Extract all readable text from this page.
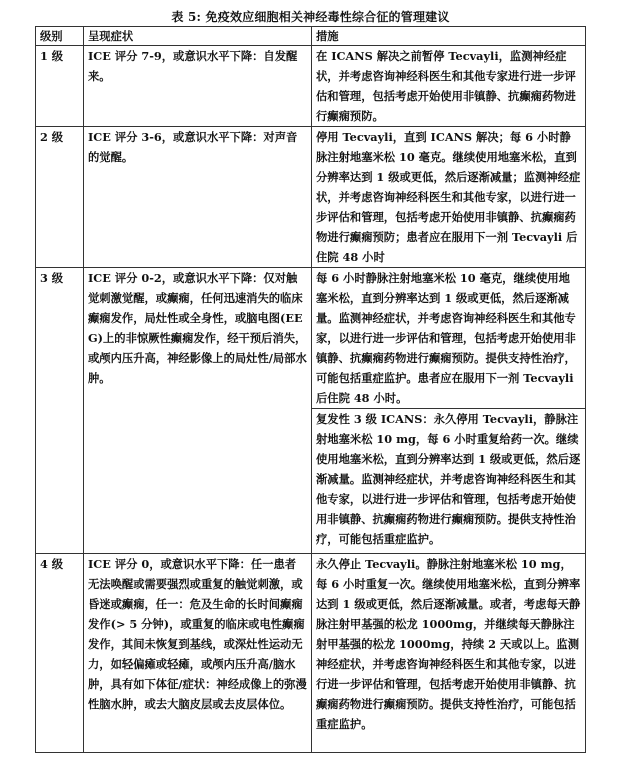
表 5: 免疫效应细胞相关神经毒性综合征的管理建议
级别	呈现症状	措施
1 级	ICE 评分 7-9，或意识水平下降：自发醒来。	在 ICANS 解决之前暂停 Tecvayli，监测神经症状，并考虑咨询神经科医生和其他专家进行进一步评估和管理，包括考虑开始使用非镇静、抗癫痫药物进行癫痫预防。

2 级	ICE 评分 3-6，或意识水平下降：对声音的觉醒。	停用 Tecvayli，直到 ICANS 解决；每 6 小时静脉注射地塞米松 10 毫克。继续使用地塞米松，直到分辨率达到 1 级或更低，然后逐渐减量；监测神经症状，并考虑咨询神经科医生和其他专家，以进行进一步评估和管理，包括考虑开始使用非镇静、抗癫痫药物进行癫痫预防；患者应在服用下一剂 Tecvayli 后住院 48 小时

3 级	ICE 评分 0-2，或意识水平下降：仅对触觉刺激觉醒，或癫痫，任何迅速消失的临床癫痫发作，局灶性或全身性，或脑电图(EEG)上的非惊厥性癫痫发作，经干预后消失，或颅内压升高，神经影像上的局灶性/局部水肿。	每 6 小时静脉注射地塞米松 10 毫克，继续使用地塞米松，直到分辨率达到 1 级或更低，然后逐渐减量。监测神经症状，并考虑咨询神经科医生和其他专家，以进行进一步评估和管理，包括考虑开始使用非镇静、抗癫痫药物进行癫痫预防。提供支持性治疗，可能包括重症监护。患者应在服用下一剂 Tecvayli 后住院 48 小时。
复发性 3 级 ICANS：永久停用 Tecvayli，静脉注射地塞米松 10 mg，每 6 小时重复给药一次。继续使用地塞米松，直到分辨率达到 1 级或更低，然后逐渐减量。监测神经症状，并考虑咨询神经科医生和其他专家，以进行进一步评估和管理，包括考虑开始使用非镇静、抗癫痫药物进行癫痫预防。提供支持性治疗，可能包括重症监护。

4 级	ICE 评分 0，或意识水平下降：任一患者无法唤醒或需要强烈或重复的触觉刺激，或昏迷或癫痫，任一：危及生命的长时间癫痫发作(> 5 分钟)，或重复的临床或电性癫痫发作，其间未恢复到基线，或深灶性运动无力，如轻偏瘫或轻瘫，或颅内压升高/脑水肿，具有如下体征/症状：神经成像上的弥漫性脑水肿，或去大脑皮层或去皮层体位。	永久停止 Tecvayli。静脉注射地塞米松 10 mg，每 6 小时重复一次。继续使用地塞米松，直到分辨率达到 1 级或更低，然后逐渐减量。或者，考虑每天静脉注射甲基强的松龙 1000mg，并继续每天静脉注射甲基强的松龙 1000mg，持续 2 天或以上。监测神经症状，并考虑咨询神经科医生和其他专家，以进行进一步评估和管理，包括考虑开始使用非镇静、抗癫痫药物进行癫痫预防。提供支持性治疗，可能包括重症监护。
